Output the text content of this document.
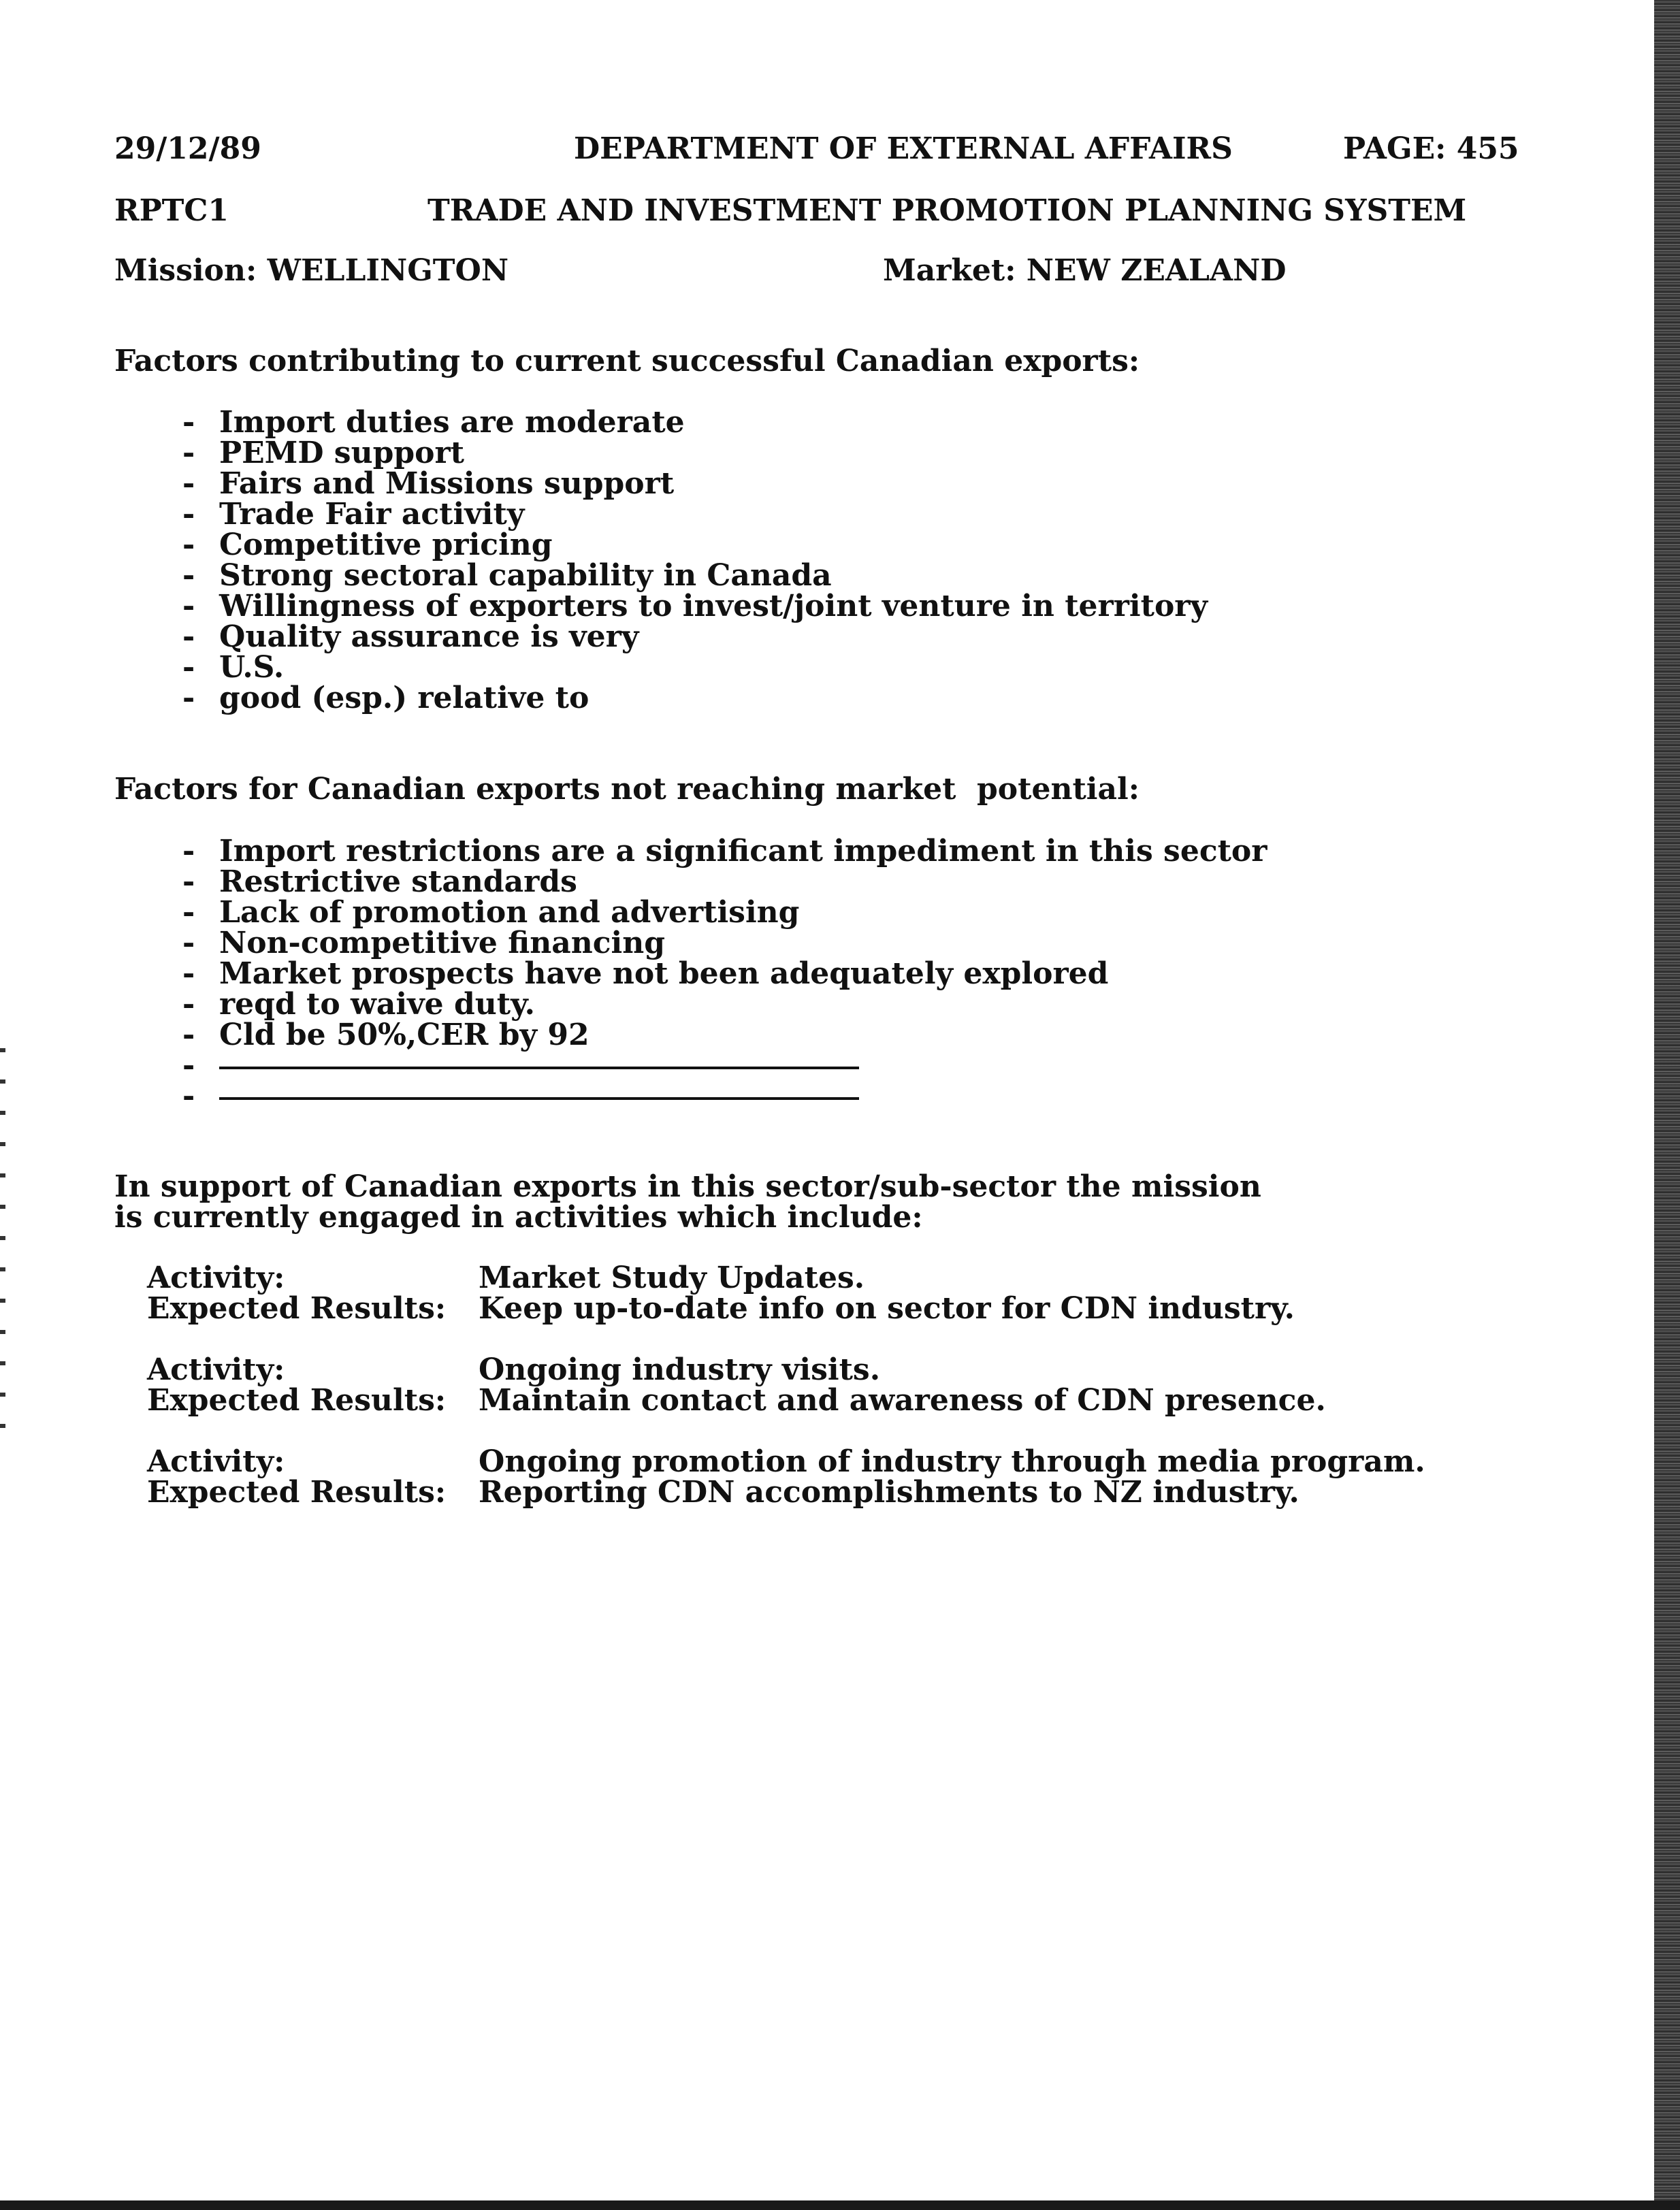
29/12/89	DEPARTMENT OF EXTERNAL AFFAIRS	PAGE: 455
RPTC1	TRADE AND INVESTMENT PROMOTION PLANNING SYSTEM
Mission: WELLINGTON	Market: NEW ZEALAND
Factors contributing to current successful Canadian exports:
- Import duties are moderate
- PEMD support
- Fairs and Missions support
- Trade Fair activity
- Competitive pricing
- Strong sectoral capability in Canada
- Willingness of exporters to invest/joint venture in territory
- Quality assurance is very
- U.S.
- good (esp.) relative to
Factors for Canadian exports not reaching market  potential:
- Import restrictions are a significant impediment in this sector
- Restrictive standards
- Lack of promotion and advertising
- Non-competitive financing
- Market prospects have not been adequately explored
- reqd to waive duty.
- Cld be 50%,CER by 92
-
-
In support of Canadian exports in this sector/sub-sector the mission
is currently engaged in activities which include:
Activity:	Market Study Updates.
Expected Results: Keep up-to-date info on sector for CDN industry.
Activity:	Ongoing industry visits.
Expected Results: Maintain contact and awareness of CDN presence.
Activity:	Ongoing promotion of industry through media program.
Expected Results: Reporting CDN accomplishments to NZ industry.
